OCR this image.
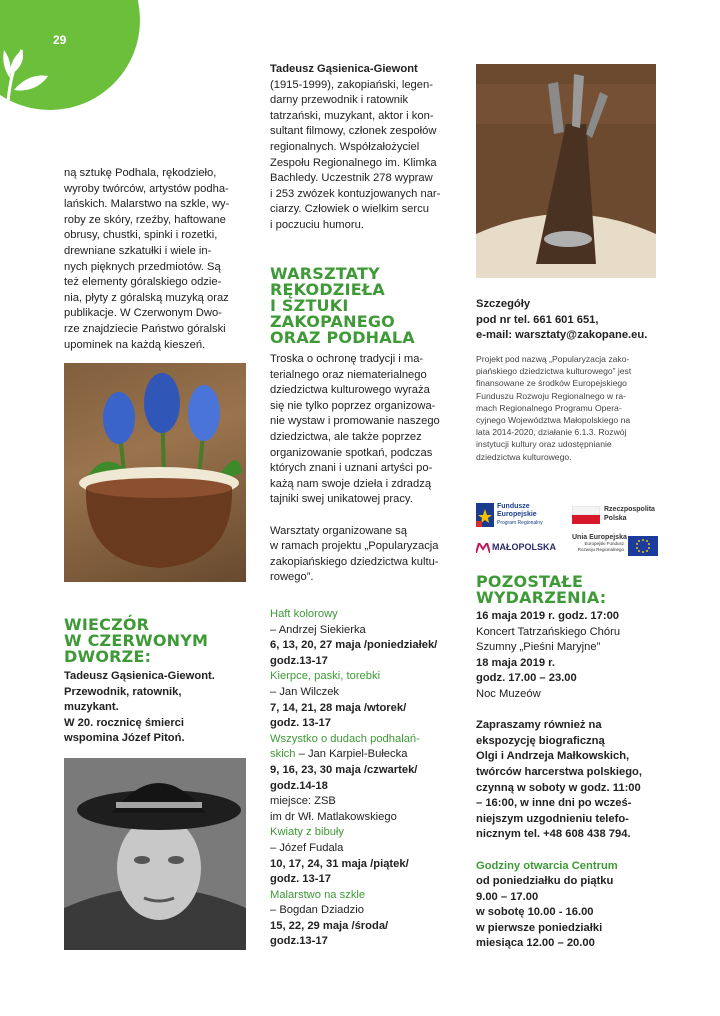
29
ną sztukę Podhala, rękodzieło,
wyroby twórców, artystów podha-
lańskich. Malarstwo na szkle, wy-
roby ze skóry, rzeźby, haftowane
obrusy, chustki, spinki i rozetki,
drewniane szkatułki i wiele in-
nych pięknych przedmiotów. Są
też elementy góralskiego odzie-
nia, płyty z góralską muzyką oraz
publikacje. W Czerwonym Dwo-
rze znajdziecie Państwo góralski
upominek na każdą kieszeń.
WIECZÓR
W CZERWONYM
DWORZE:
Tadeusz Gąsienica-Giewont.
Przewodnik, ratownik,
muzykant.
W 20. rocznicę śmierci
wspomina Józef Pitoń.
Tadeusz Gąsienica-Giewont
(1915-1999), zakopiański, legen-
darny przewodnik i ratownik
tatrzański, muzykant, aktor i kon-
sultant filmowy, członek zespołów
regionalnych. Współzałożyciel
Zespołu Regionalnego im. Klimka
Bachledy. Uczestnik 278 wypraw
i 253 zwózek kontuzjowanych nar-
ciarzy. Człowiek o wielkim sercu
i poczuciu humoru.
WARSZTATY
RĘKODZIEŁA
I SZTUKI
ZAKOPANEGO
ORAZ PODHALA
Troska o ochronę tradycji i ma-
terialnego oraz niematerialnego
dziedzictwa kulturowego wyraża
się nie tylko poprzez organizowa-
nie wystaw i promowanie naszego
dziedzictwa, ale także poprzez
organizowanie spotkań, podczas
których znani i uznani artyści po-
każą nam swoje dzieła i zdradzą
tajniki swej unikatowej pracy.

Warsztaty organizowane są
w ramach projektu „Popularyzacja
zakopiańskiego dziedzictwa kultu-
rowego”.
Haft kolorowy
– Andrzej Siekierka
6, 13, 20, 27 maja /poniedziałek/
godz.13-17
Kierpce, paski, torebki
– Jan Wilczek
7, 14, 21, 28 maja /wtorek/
godz. 13-17
Wszystko o dudach podhalań-
skich – Jan Karpiel-Bułecka
9, 16, 23, 30 maja /czwartek/
godz.14-18
miejsce: ZSB
im dr Wł. Matlakowskiego
Kwiaty z bibuły
– Józef Fudala
10, 17, 24, 31 maja /piątek/
godz. 13-17
Malarstwo na szkle
– Bogdan Dziadzio
15, 22, 29 maja /środa/
godz.13-17
Szczegóły
pod nr tel. 661 601 651,
e-mail: warsztaty@zakopane.eu.
Projekt pod nazwą „Popularyzacja zako-
piańskiego dziedzictwa kulturowego” jest
finansowane ze środków Europejskiego
Funduszu Rozwoju Regionalnego w ra-
mach Regionalnego Programu Opera-
cyjnego Województwa Małopolskiego na
lata 2014-2020, działanie 6.1.3. Rozwój
instytucji kultury oraz udostępnianie
dziedzictwa kulturowego.
Fundusze
Europejskie
Program Regionalny
Rzeczpospolita
Polska
MAŁOPOLSKA
Unia Europejska
Europejski Fundusz
Rozwoju Regionalnego
POZOSTAŁE
WYDARZENIA:
16 maja 2019 r. godz. 17:00
Koncert Tatrzańskiego Chóru
Szumny „Pieśni Maryjne”
18 maja 2019 r.
godz. 17.00 – 23.00
Noc Muzeów

Zapraszamy również na
ekspozycję biograficzną
Olgi i Andrzeja Małkowskich,
twórców harcerstwa polskiego,
czynną w soboty w godz. 11:00
– 16:00, w inne dni po wcześ-
niejszym uzgodnieniu telefo-
nicznym tel. +48 608 438 794.

Godziny otwarcia Centrum
od poniedziałku do piątku
9.00 – 17.00
w sobotę 10.00 - 16.00
w pierwsze poniedziałki
miesiąca 12.00 – 20.00
